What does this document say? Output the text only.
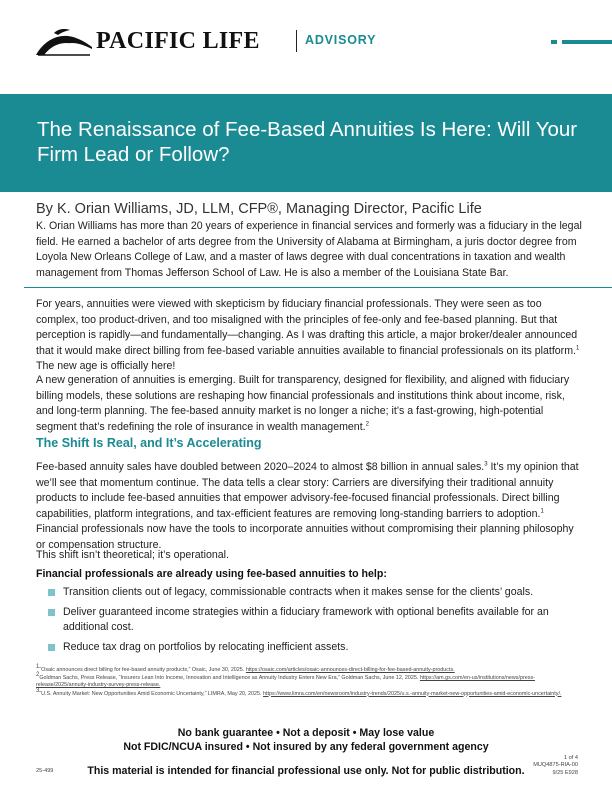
PACIFIC LIFE	ADVISORY
The Renaissance of Fee-Based Annuities Is Here: Will Your Firm Lead or Follow?
By K. Orian Williams, JD, LLM, CFP®, Managing Director, Pacific Life

K. Orian Williams has more than 20 years of experience in financial services and formerly was a fiduciary in the legal field. He earned a bachelor of arts degree from the University of Alabama at Birmingham, a juris doctor degree from Loyola New Orleans College of Law, and a master of laws degree with dual concentrations in taxation and wealth management from Thomas Jefferson School of Law. He is also a member of the Louisiana State Bar.

For years, annuities were viewed with skepticism by fiduciary financial professionals. They were seen as too complex, too product-driven, and too misaligned with the principles of fee-only and fee-based planning. But that perception is rapidly—and fundamentally—changing. As I was drafting this article, a major broker/dealer announced that it would make direct billing from fee-based variable annuities available to financial professionals on its platform.$^1$ The new age is officially here!

A new generation of annuities is emerging. Built for transparency, designed for flexibility, and aligned with fiduciary billing models, these solutions are reshaping how financial professionals and institutions think about income, risk, and long-term planning. The fee-based annuity market is no longer a niche; it’s a fast-growing, high-potential segment that’s redefining the role of insurance in wealth management.$^2$

The Shift Is Real, and It’s Accelerating

Fee-based annuity sales have doubled between 2020–2024 to almost $8 billion in annual sales.$^3$ It’s my opinion that we’ll see that momentum continue. The data tells a clear story: Carriers are diversifying their traditional annuity products to include fee-based annuities that empower advisory-fee-focused financial professionals. Direct billing capabilities, platform integrations, and tax-efficient features are removing long-standing barriers to adoption.$^1$ Financial professionals now have the tools to incorporate annuities without compromising their planning philosophy or compensation structure.

This shift isn’t theoretical; it’s operational.

Financial professionals are already using fee-based annuities to help:
Transition clients out of legacy, commissionable contracts when it makes sense for the clients’ goals.
Deliver guaranteed income strategies within a fiduciary framework with optional benefits available for an additional cost.
Reduce tax drag on portfolios by relocating inefficient assets.

$^1$“Osaic announces direct billing for fee-based annuity products,” Osaic, June 30, 2025. https://osaic.com/articles/osaic-announces-direct-billing-for-fee-based-annuity-products.

$^2$Goldman Sachs, Press Release, “Insurers Lean Into Income, Innovation and Intelligence as Annuity Industry Enters New Era,” Goldman Sachs, June 12, 2025. https://am.gs.com/en-us/institutions/news/press-release/2025/annuity-industry-survey-press-release.

$^3$“U.S. Annuity Market: New Opportunities Amid Economic Uncertainty,” LIMRA, May 20, 2025. https://www.limra.com/en/newsroom/industry-trends/2025/u.s.-annuity-market-new-opportunities-amid-economic-uncertainty/.

No bank guarantee • Not a deposit • May lose value
Not FDIC/NCUA insured • Not insured by any federal government agency
This material is intended for financial professional use only. Not for public distribution.
25-499
1 of 4
MUQ4875-RIA-00
9/25 E928
